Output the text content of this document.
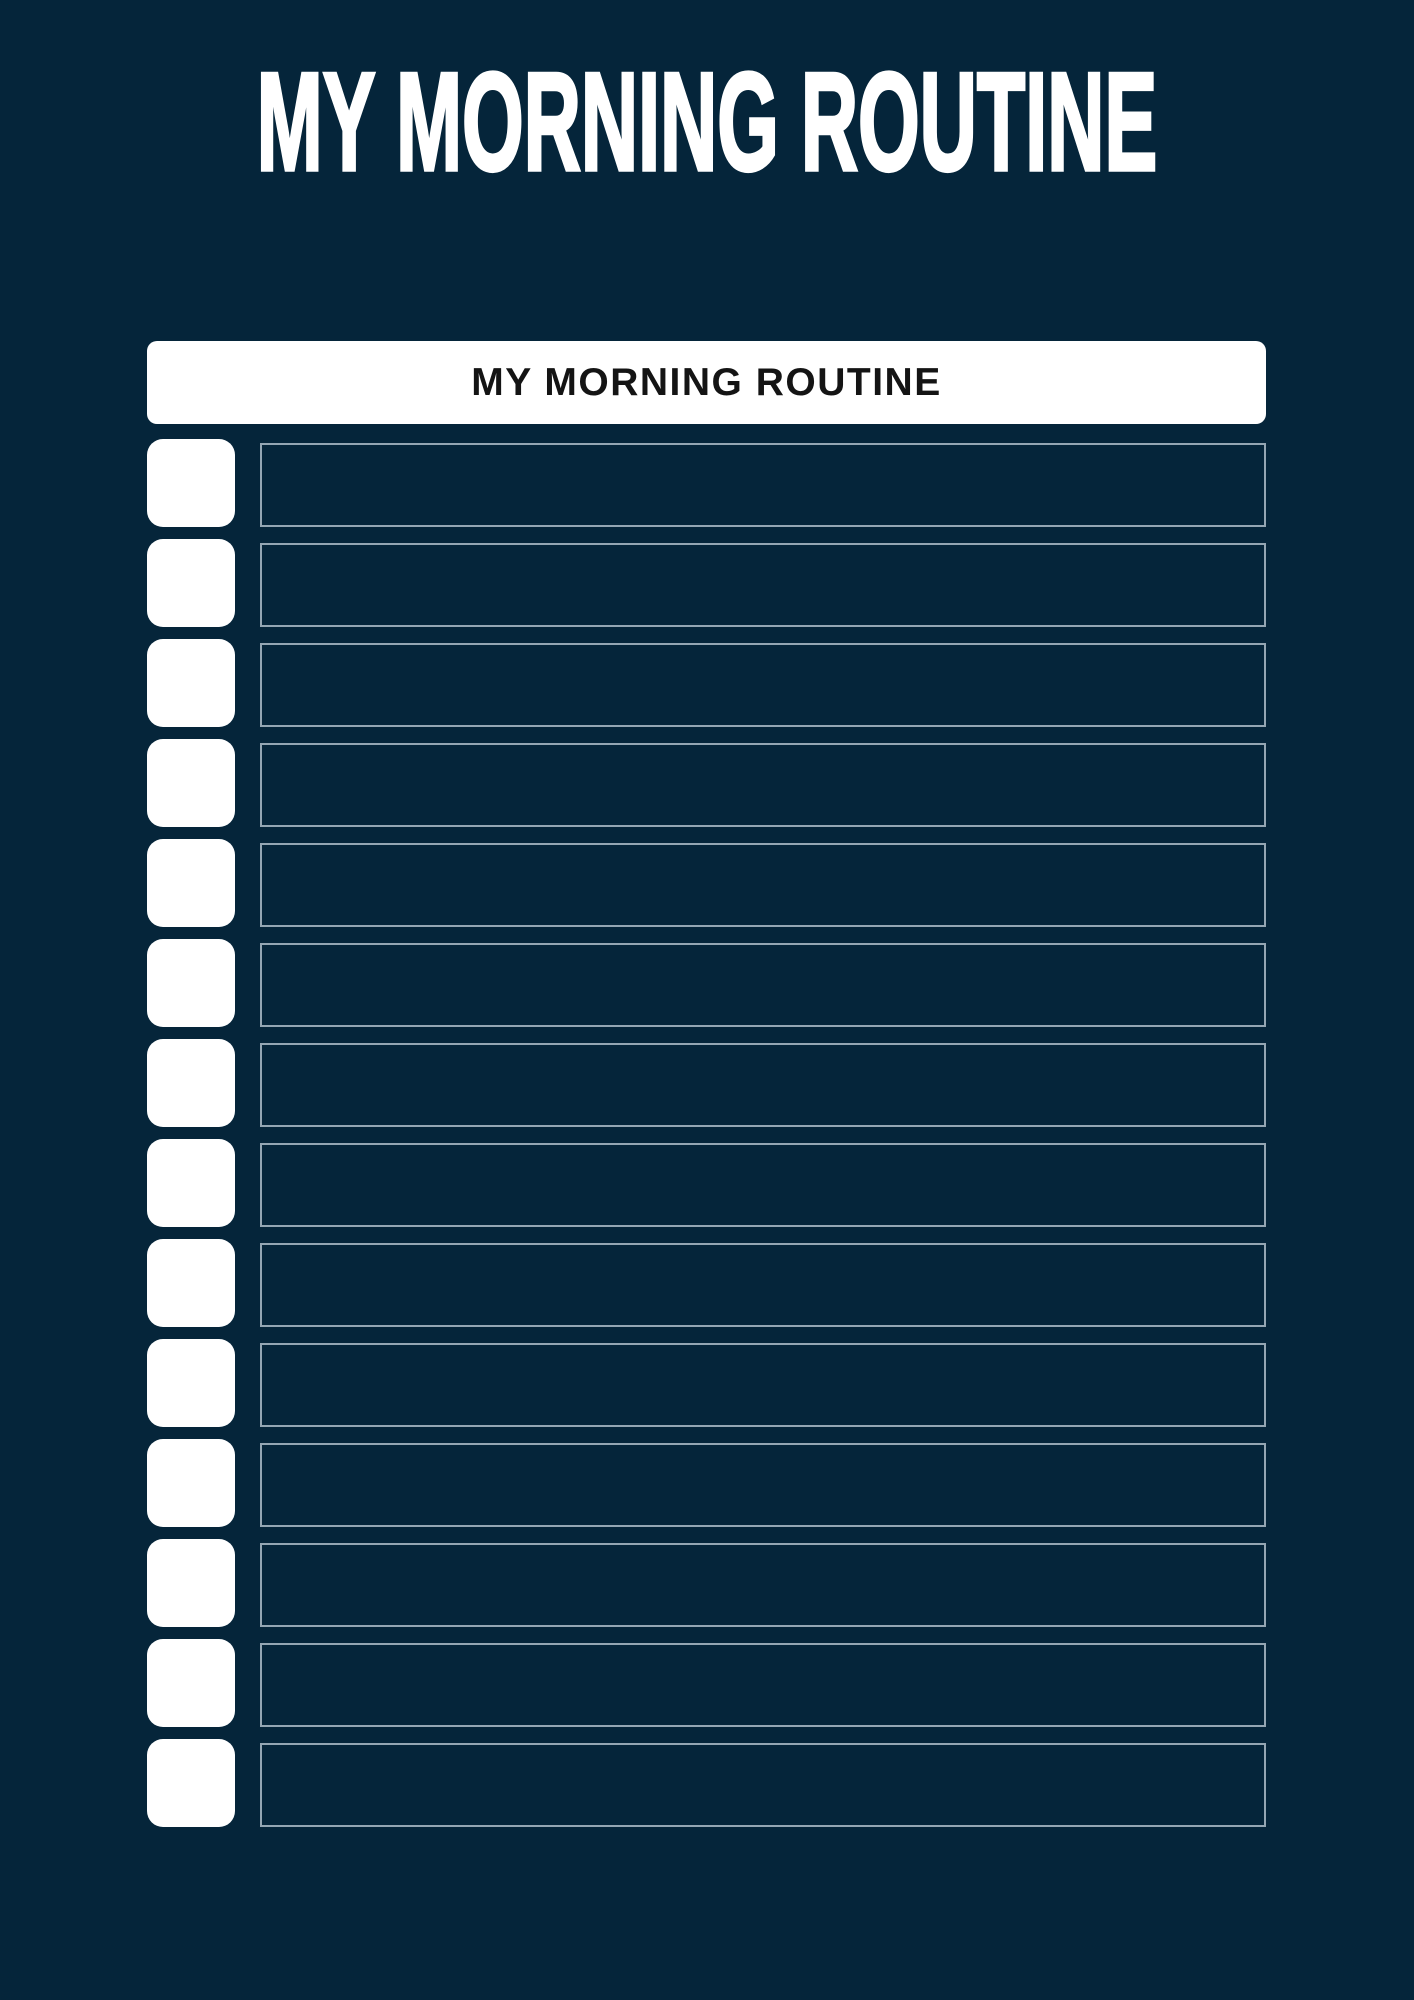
MY MORNING ROUTINE
MY MORNING ROUTINE
